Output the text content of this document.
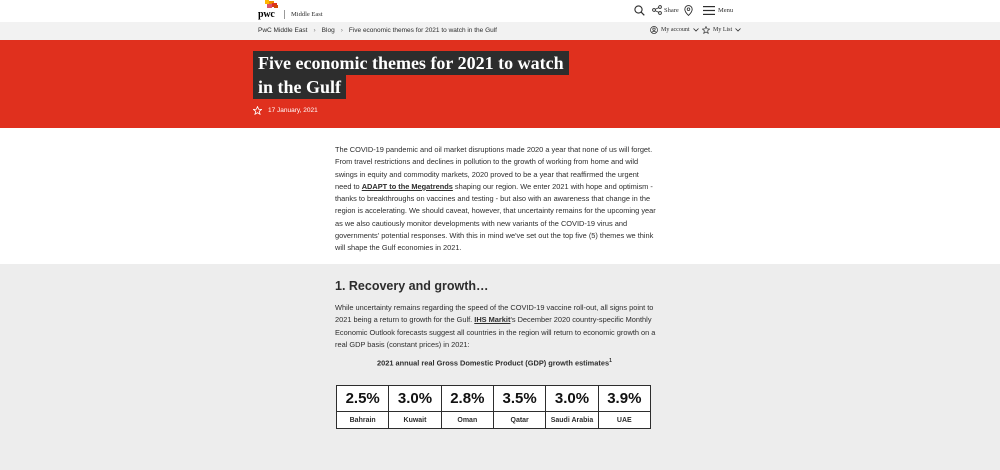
pwc	Middle East
Share	Menu
PwC Middle East › Blog › Five economic themes for 2021 to watch in the Gulf	My account	My List
Five economic themes for 2021 to watch in the Gulf
17 January, 2021

The COVID-19 pandemic and oil market disruptions made 2020 a year that none of us will forget. From travel restrictions and declines in pollution to the growth of working from home and wild swings in equity and commodity markets, 2020 proved to be a year that reaffirmed the urgent need to ADAPT to the Megatrends shaping our region. We enter 2021 with hope and optimism - thanks to breakthroughs on vaccines and testing - but also with an awareness that change in the region is accelerating. We should caveat, however, that uncertainty remains for the upcoming year as we also cautiously monitor developments with new variants of the COVID-19 virus and governments' potential responses. With this in mind we've set out the top five (5) themes we think will shape the Gulf economies in 2021.

1. Recovery and growth…

While uncertainty remains regarding the speed of the COVID-19 vaccine roll-out, all signs point to 2021 being a return to growth for the Gulf. IHS Markit's December 2020 country-specific Monthly Economic Outlook forecasts suggest all countries in the region will return to economic growth on a real GDP basis (constant prices) in 2021:

2021 annual real Gross Domestic Product (GDP) growth estimates$^1$
2.5%	3.0%	2.8%	3.5%	3.0%	3.9%
Bahrain	Kuwait	Oman	Qatar	Saudi Arabia	UAE
